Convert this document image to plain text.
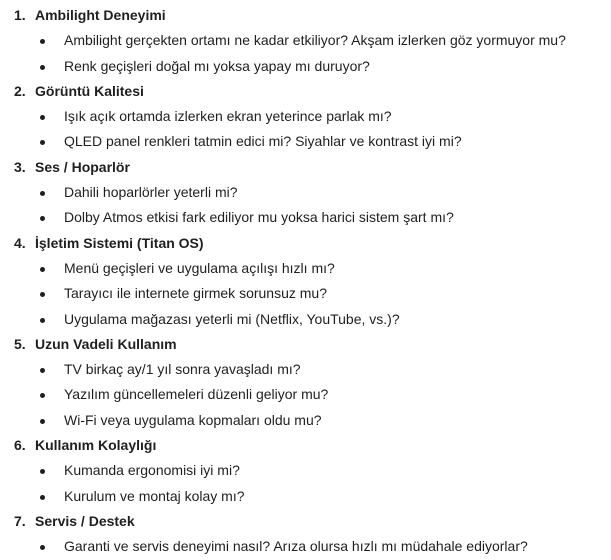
1. Ambilight Deneyimi
Ambilight gerçekten ortamı ne kadar etkiliyor? Akşam izlerken göz yormuyor mu?
Renk geçişleri doğal mı yoksa yapay mı duruyor?
2. Görüntü Kalitesi
Işık açık ortamda izlerken ekran yeterince parlak mı?
QLED panel renkleri tatmin edici mi? Siyahlar ve kontrast iyi mi?
3. Ses / Hoparlör
Dahili hoparlörler yeterli mi?
Dolby Atmos etkisi fark ediliyor mu yoksa harici sistem şart mı?
4. İşletim Sistemi (Titan OS)
Menü geçişleri ve uygulama açılışı hızlı mı?
Tarayıcı ile internete girmek sorunsuz mu?
Uygulama mağazası yeterli mi (Netflix, YouTube, vs.)?
5. Uzun Vadeli Kullanım
TV birkaç ay/1 yıl sonra yavaşladı mı?
Yazılım güncellemeleri düzenli geliyor mu?
Wi-Fi veya uygulama kopmaları oldu mu?
6. Kullanım Kolaylığı
Kumanda ergonomisi iyi mi?
Kurulum ve montaj kolay mı?
7. Servis / Destek
Garanti ve servis deneyimi nasıl? Arıza olursa hızlı mı müdahale ediyorlar?
